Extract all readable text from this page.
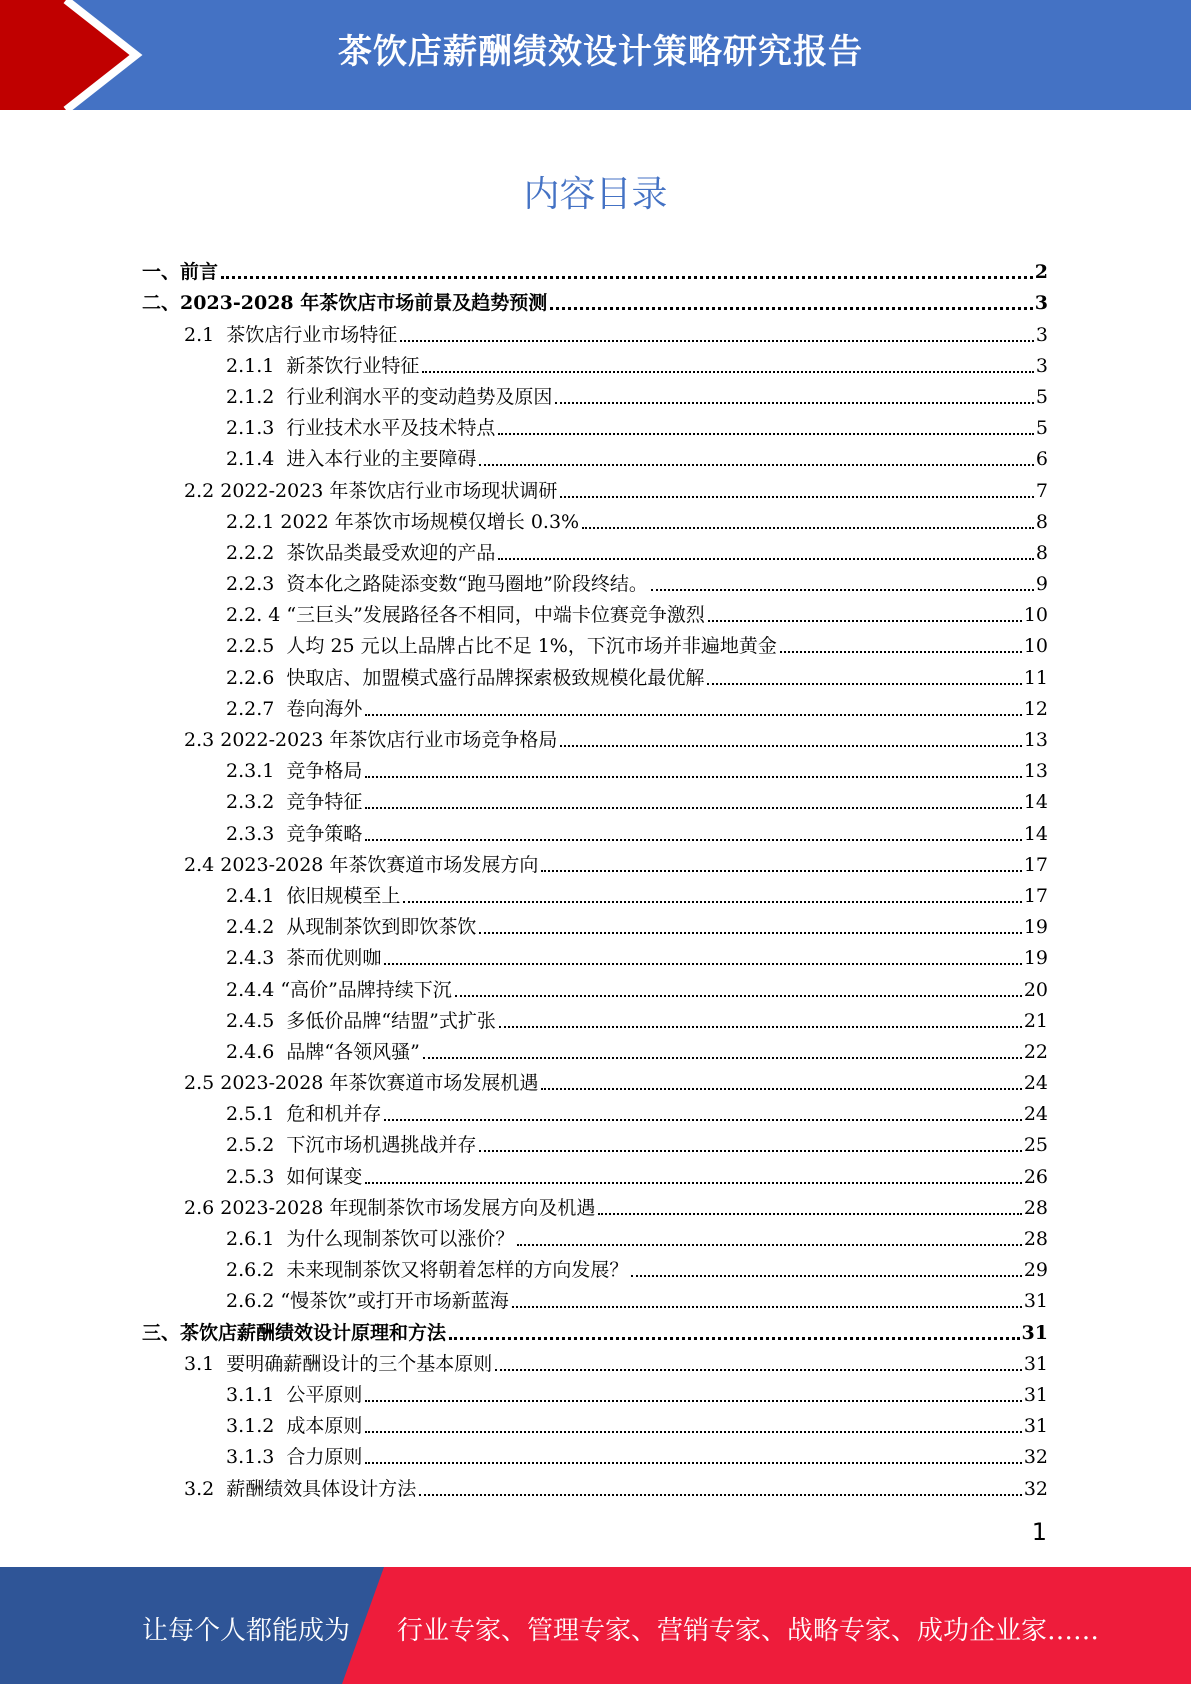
茶饮店薪酬绩效设计策略研究报告
内容目录
一、前言	2
二、2023-2028 年茶饮店市场前景及趋势预测	3
2.1  茶饮店行业市场特征	3
2.1.1  新茶饮行业特征	3
2.1.2  行业利润水平的变动趋势及原因	5
2.1.3  行业技术水平及技术特点	5
2.1.4  进入本行业的主要障碍	6
2.2 2022-2023 年茶饮店行业市场现状调研	7
2.2.1 2022 年茶饮市场规模仅增长 0.3%	8
2.2.2  茶饮品类最受欢迎的产品	8
2.2.3  资本化之路陡添变数“跑马圈地”阶段终结。	9
2.2. 4 “三巨头”发展路径各不相同，中端卡位赛竞争激烈	10
2.2.5  人均 25 元以上品牌占比不足 1%，下沉市场并非遍地黄金	10
2.2.6  快取店、加盟模式盛行品牌探索极致规模化最优解	11
2.2.7  卷向海外	12
2.3 2022-2023 年茶饮店行业市场竞争格局	13
2.3.1  竞争格局	13
2.3.2  竞争特征	14
2.3.3  竞争策略	14
2.4 2023-2028 年茶饮赛道市场发展方向	17
2.4.1  依旧规模至上	17
2.4.2  从现制茶饮到即饮茶饮	19
2.4.3  茶而优则咖	19
2.4.4 “高价”品牌持续下沉	20
2.4.5  多低价品牌“结盟”式扩张	21
2.4.6  品牌“各领风骚”	22
2.5 2023-2028 年茶饮赛道市场发展机遇	24
2.5.1  危和机并存	24
2.5.2  下沉市场机遇挑战并存	25
2.5.3  如何谋变	26
2.6 2023-2028 年现制茶饮市场发展方向及机遇	28
2.6.1  为什么现制茶饮可以涨价？	28
2.6.2  未来现制茶饮又将朝着怎样的方向发展？	29
2.6.2 “慢茶饮”或打开市场新蓝海	31
三、茶饮店薪酬绩效设计原理和方法	31
3.1  要明确薪酬设计的三个基本原则	31
3.1.1  公平原则	31
3.1.2  成本原则	31
3.1.3  合力原则	32
3.2  薪酬绩效具体设计方法	32
1
让每个人都能成为 行业专家、管理专家、营销专家、战略专家、成功企业家……
